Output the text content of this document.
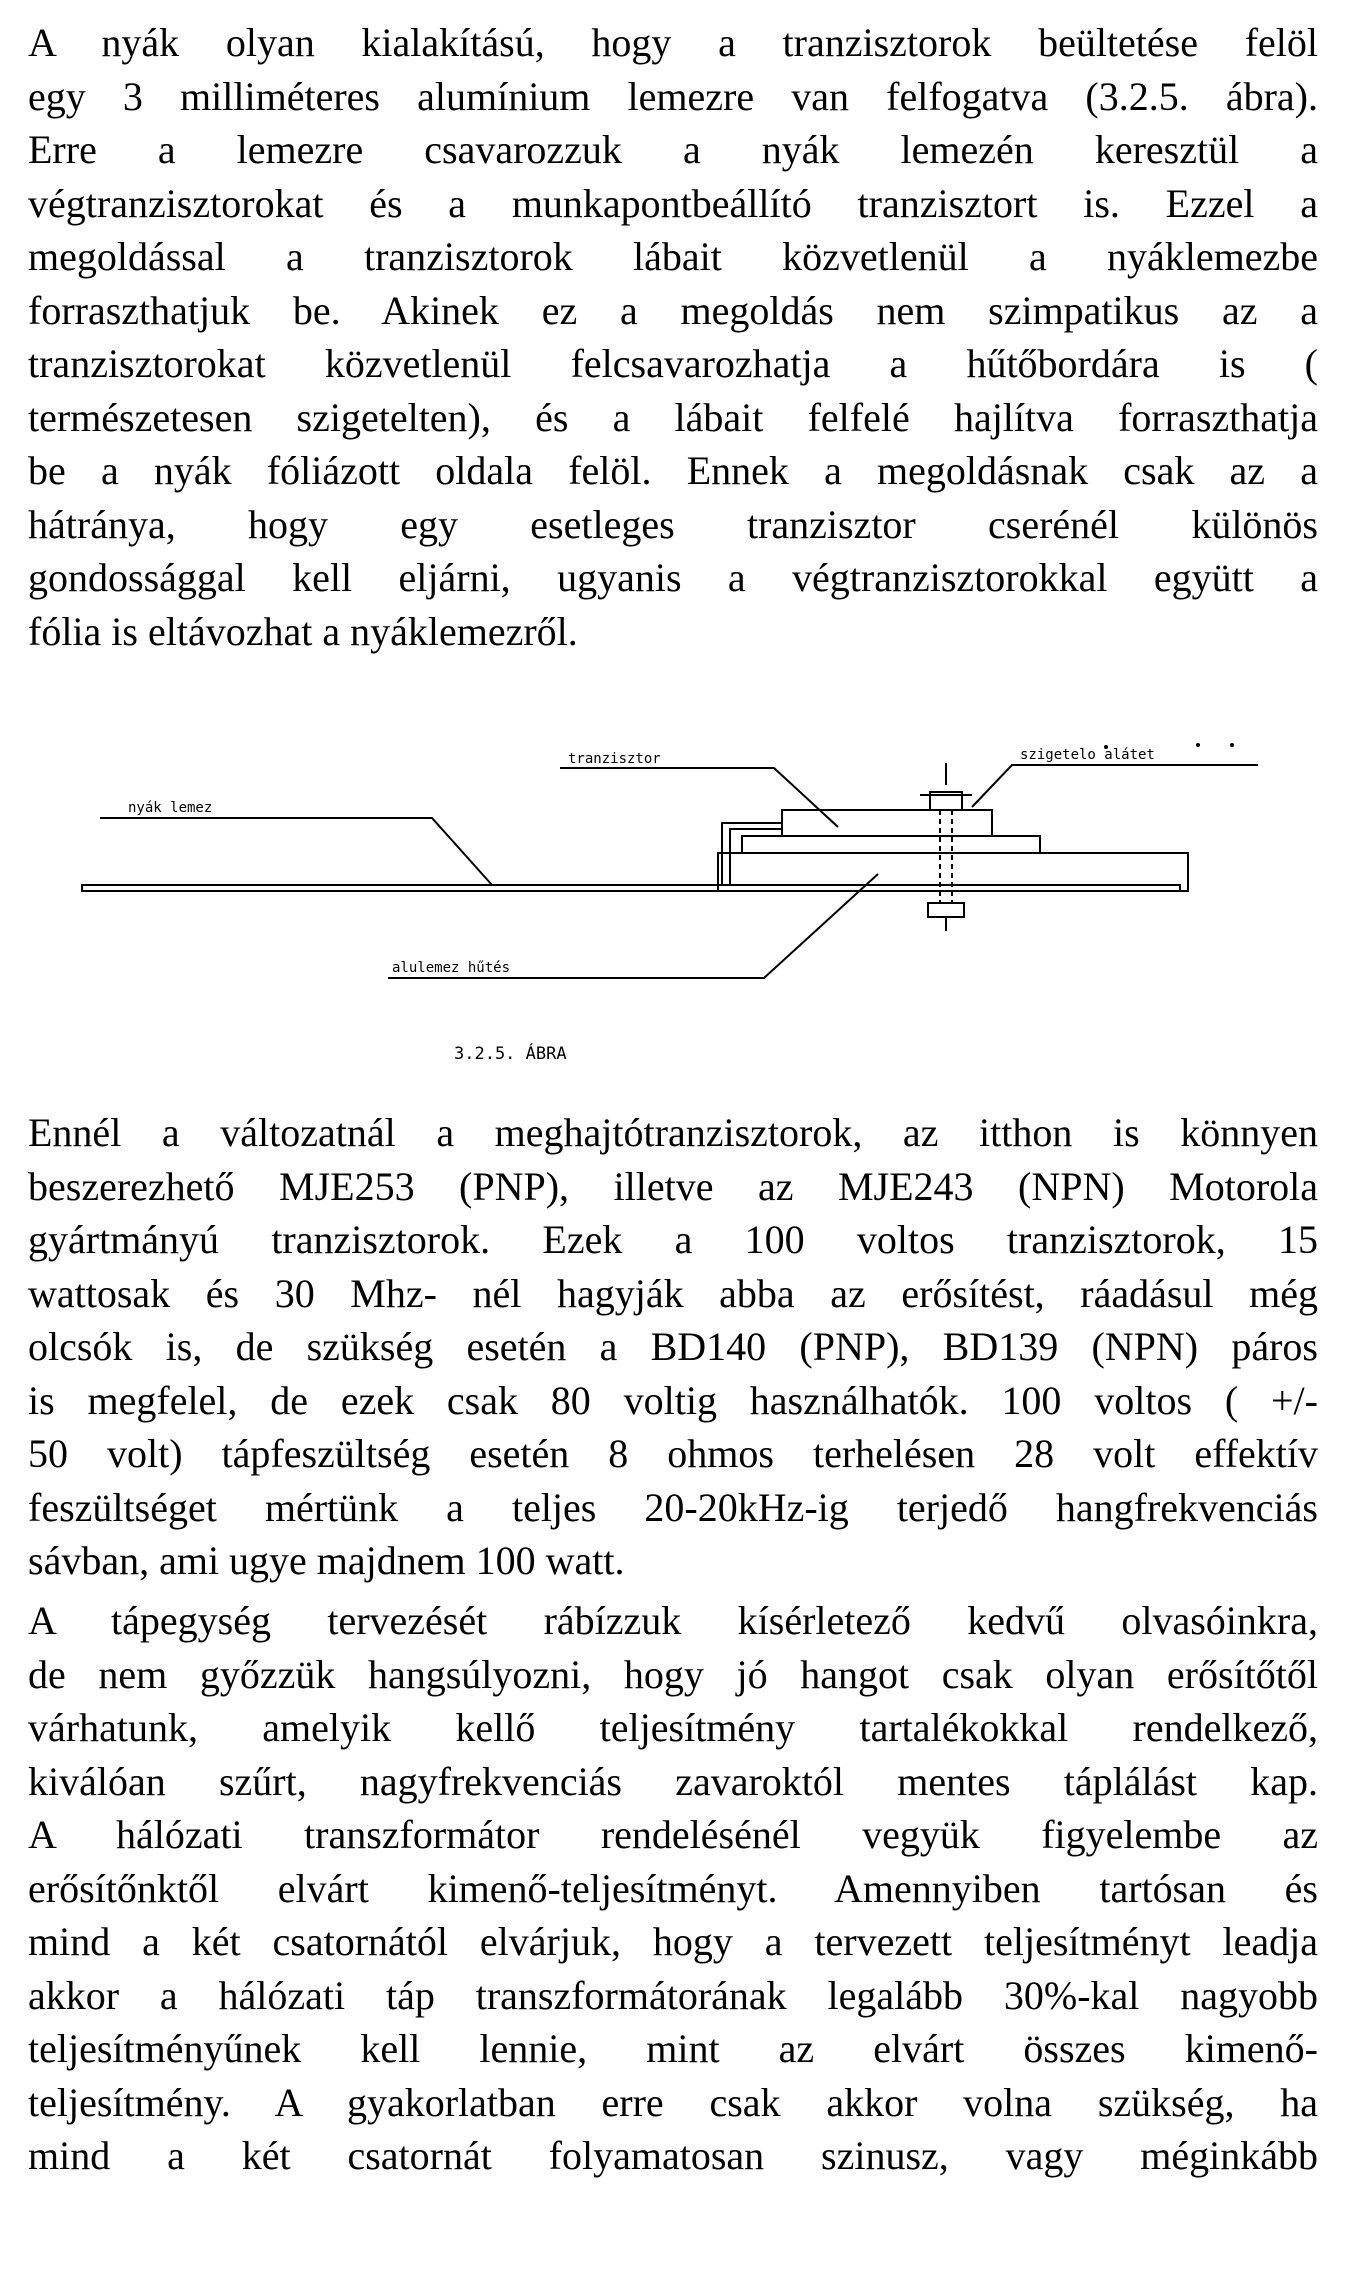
A nyák olyan kialakítású, hogy a tranzisztorok beültetése felöl
egy 3 milliméteres alumínium lemezre van felfogatva (3.2.5. ábra).
Erre a lemezre csavarozzuk a nyák lemezén keresztül a
végtranzisztorokat és a munkapontbeállító tranzisztort is. Ezzel a
megoldással a tranzisztorok lábait közvetlenül a nyáklemezbe
forraszthatjuk be. Akinek ez a megoldás nem szimpatikus az a
tranzisztorokat közvetlenül felcsavarozhatja a hűtőbordára is (
természetesen szigetelten), és a lábait felfelé hajlítva forraszthatja
be a nyák fóliázott oldala felöl. Ennek a megoldásnak csak az a
hátránya, hogy egy esetleges tranzisztor cserénél különös
gondossággal kell eljárni, ugyanis a végtranzisztorokkal együtt a
fólia is eltávozhat a nyáklemezről.
tranzisztor	szigetelo alátet
nyák lemez
alulemez hűtés
3.2.5. ÁBRA
Ennél a változatnál a meghajtótranzisztorok, az itthon is könnyen
beszerezhető MJE253 (PNP), illetve az MJE243 (NPN) Motorola
gyártmányú tranzisztorok. Ezek a 100 voltos tranzisztorok, 15
wattosak és 30 Mhz- nél hagyják abba az erősítést, ráadásul még
olcsók is, de szükség esetén a BD140 (PNP), BD139 (NPN) páros
is megfelel, de ezek csak 80 voltig használhatók. 100 voltos ( +/-
50 volt) tápfeszültség esetén 8 ohmos terhelésen 28 volt effektív
feszültséget mértünk a teljes 20-20kHz-ig terjedő hangfrekvenciás
sávban, ami ugye majdnem 100 watt.
A tápegység tervezését rábízzuk kísérletező kedvű olvasóinkra,
de nem győzzük hangsúlyozni, hogy jó hangot csak olyan erősítőtől
várhatunk, amelyik kellő teljesítmény tartalékokkal rendelkező,
kiválóan szűrt, nagyfrekvenciás zavaroktól mentes táplálást kap.
A hálózati transzformátor rendelésénél vegyük figyelembe az
erősítőnktől elvárt kimenő-teljesítményt. Amennyiben tartósan és
mind a két csatornától elvárjuk, hogy a tervezett teljesítményt leadja
akkor a hálózati táp transzformátorának legalább 30%-kal nagyobb
teljesítményűnek kell lennie, mint az elvárt összes kimenő-
teljesítmény. A gyakorlatban erre csak akkor volna szükség, ha
mind a két csatornát folyamatosan szinusz, vagy méginkább
